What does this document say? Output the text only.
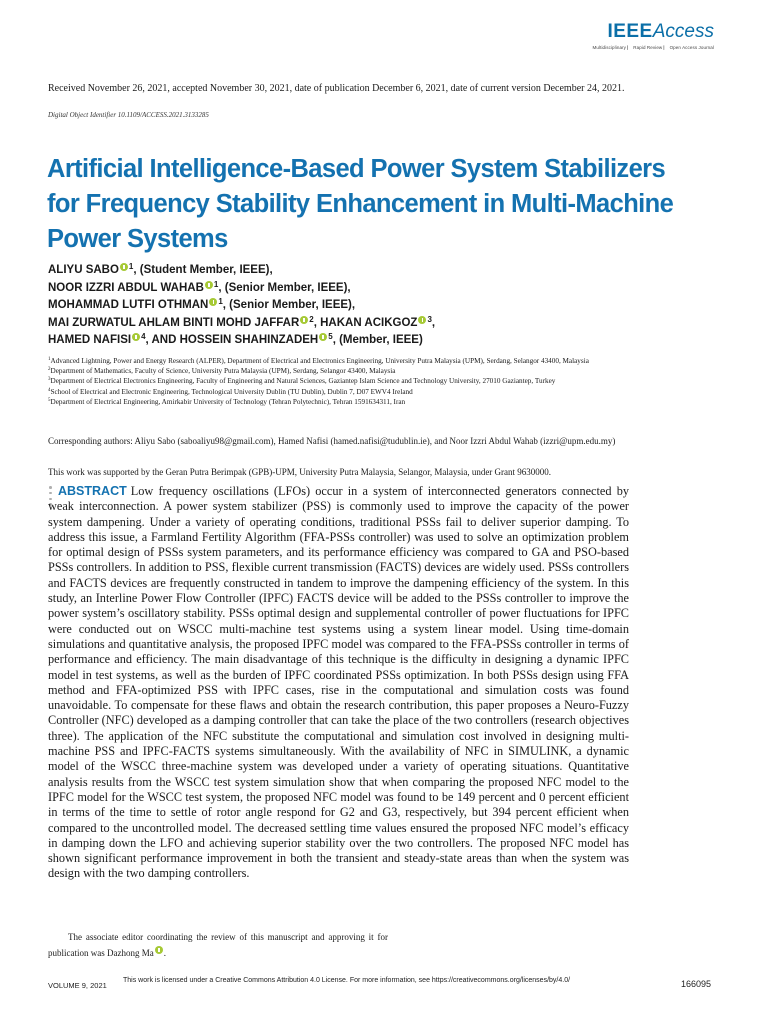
IEEEAccess
Multidisciplinary ⎸ Rapid Review ⎸ Open Access Journal
Received November 26, 2021, accepted November 30, 2021, date of publication December 6, 2021, date of current version December 24, 2021.
Digital Object Identifier 10.1109/ACCESS.2021.3133285
Artificial Intelligence-Based Power System Stabilizers for Frequency Stability Enhancement in Multi-Machine Power Systems
ALIYU SABO $^1$, (Student Member, IEEE),
NOOR IZZRI ABDUL WAHAB $^1$, (Senior Member, IEEE),
MOHAMMAD LUTFI OTHMAN $^1$, (Senior Member, IEEE),
MAI ZURWATUL AHLAM BINTI MOHD JAFFAR $^2$, HAKAN ACIKGOZ $^3$,
HAMED NAFISI $^4$, AND HOSSEIN SHAHINZADEH $^5$, (Member, IEEE)
$^1$Advanced Lightning, Power and Energy Research (ALPER), Department of Electrical and Electronics Engineering, University Putra Malaysia (UPM), Serdang, Selangor 43400, Malaysia
$^2$Department of Mathematics, Faculty of Science, University Putra Malaysia (UPM), Serdang, Selangor 43400, Malaysia
$^3$Department of Electrical Electronics Engineering, Faculty of Engineering and Natural Sciences, Gaziantep Islam Science and Technology University, 27010 Gaziantep, Turkey
$^4$School of Electrical and Electronic Engineering, Technological University Dublin (TU Dublin), Dublin 7, D07 EWV4 Ireland
$^5$Department of Electrical Engineering, Amirkabir University of Technology (Tehran Polytechnic), Tehran 1591634311, Iran
Corresponding authors: Aliyu Sabo (saboaliyu98@gmail.com), Hamed Nafisi (hamed.nafisi@tudublin.ie), and Noor Izzri Abdul Wahab (izzri@upm.edu.my)
This work was supported by the Geran Putra Berimpak (GPB)-UPM, University Putra Malaysia, Selangor, Malaysia, under Grant 9630000.

ABSTRACT Low frequency oscillations (LFOs) occur in a system of interconnected generators connected by weak interconnection. A power system stabilizer (PSS) is commonly used to improve the capacity of the power system dampening. Under a variety of operating conditions, traditional PSSs fail to deliver superior damping. To address this issue, a Farmland Fertility Algorithm (FFA-PSSs controller) was used to solve an optimization problem for optimal design of PSSs system parameters, and its performance efficiency was compared to GA and PSO-based PSSs controllers. In addition to PSS, flexible current transmission (FACTS) devices are widely used. PSSs controllers and FACTS devices are frequently constructed in tandem to improve the dampening efficiency of the system. In this study, an Interline Power Flow Controller (IPFC) FACTS device will be added to the PSSs controller to improve the power system’s oscillatory stability. PSSs optimal design and supplemental controller of power fluctuations for IPFC were conducted out on WSCC multi-machine test systems using a system linear model. Using time-domain simulations and quantitative analysis, the proposed IPFC model was compared to the FFA-PSSs controller in terms of performance and efficiency. The main disadvantage of this technique is the difficulty in designing a dynamic IPFC model in test systems, as well as the burden of IPFC coordinated PSSs optimization. In both PSSs design using FFA method and FFA-optimized PSS with IPFC cases, rise in the computational and simulation costs was found unavoidable. To compensate for these flaws and obtain the research contribution, this paper proposes a Neuro-Fuzzy Controller (NFC) developed as a damping controller that can take the place of the two controllers (research objectives three). The application of the NFC substitute the computational and simulation cost involved in designing multi-machine PSS and IPFC-FACTS systems simultaneously. With the availability of NFC in SIMULINK, a dynamic model of the WSCC three-machine system was developed under a variety of operating situations. Quantitative analysis results from the WSCC test system simulation show that when comparing the proposed NFC model to the IPFC model for the WSCC test system, the proposed NFC model was found to be 149 percent and 0 percent efficient in terms of the time to settle of rotor angle respond for G2 and G3, respectively, but 394 percent efficient when compared to the uncontrolled model. The decreased settling time values ensured the proposed NFC model’s efficacy in damping down the LFO and achieving superior stability over the two controllers. The proposed NFC model has shown significant performance improvement in both the transient and steady-state areas than when the system was design with the two damping controllers.

The associate editor coordinating the review of this manuscript and approving it for publication was Dazhong Ma .
VOLUME 9, 2021
This work is licensed under a Creative Commons Attribution 4.0 License. For more information, see https://creativecommons.org/licenses/by/4.0/	166095
